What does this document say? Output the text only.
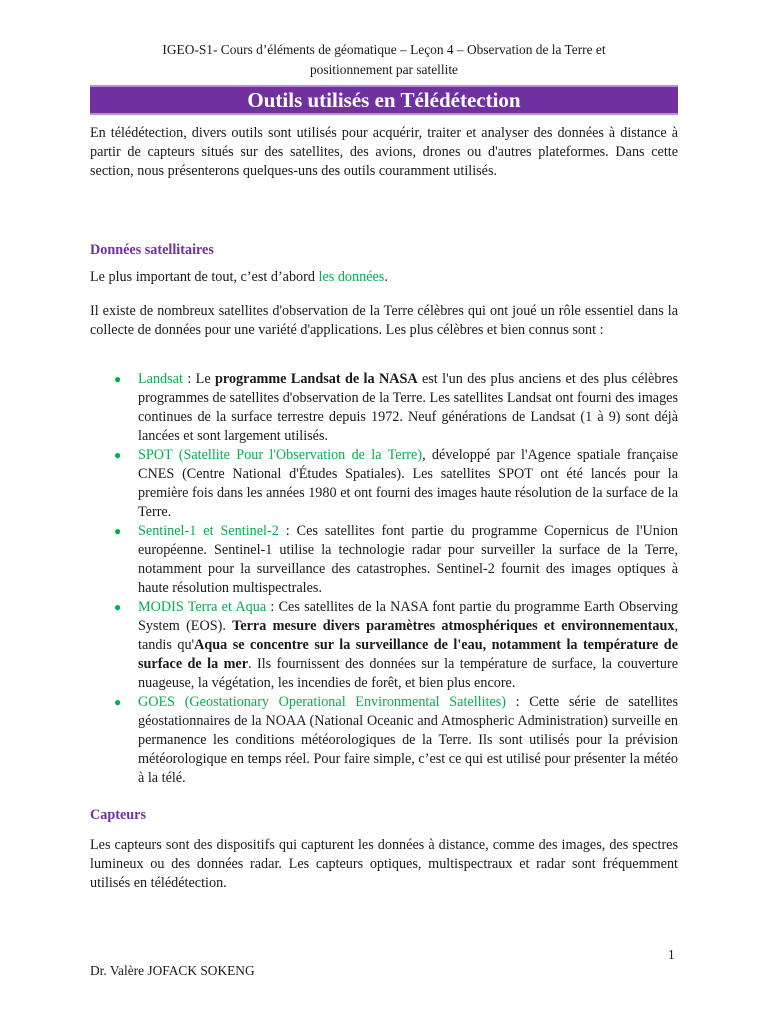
IGEO-S1- Cours d’éléments de géomatique – Leçon 4 – Observation de la Terre et
positionnement par satellite
Outils utilisés en Télédétection
En télédétection, divers outils sont utilisés pour acquérir, traiter et analyser des données à distance à partir de capteurs situés sur des satellites, des avions, drones ou d'autres plateformes. Dans cette section, nous présenterons quelques-uns des outils couramment utilisés.
Données satellitaires
Le plus important de tout, c’est d’abord les données.
Il existe de nombreux satellites d'observation de la Terre célèbres qui ont joué un rôle essentiel dans la collecte de données pour une variété d'applications. Les plus célèbres et bien connus sont :
● Landsat : Le programme Landsat de la NASA est l'un des plus anciens et des plus célèbres programmes de satellites d'observation de la Terre. Les satellites Landsat ont fourni des images continues de la surface terrestre depuis 1972. Neuf générations de Landsat (1 à 9) sont déjà lancées et sont largement utilisés.
● SPOT (Satellite Pour l'Observation de la Terre), développé par l'Agence spatiale française CNES (Centre National d'Études Spatiales). Les satellites SPOT ont été lancés pour la première fois dans les années 1980 et ont fourni des images haute résolution de la surface de la Terre.
● Sentinel-1 et Sentinel-2 : Ces satellites font partie du programme Copernicus de l'Union européenne. Sentinel-1 utilise la technologie radar pour surveiller la surface de la Terre, notamment pour la surveillance des catastrophes. Sentinel-2 fournit des images optiques à haute résolution multispectrales.
● MODIS Terra et Aqua : Ces satellites de la NASA font partie du programme Earth Observing System (EOS). Terra mesure divers paramètres atmosphériques et environnementaux, tandis qu'Aqua se concentre sur la surveillance de l'eau, notamment la température de surface de la mer. Ils fournissent des données sur la température de surface, la couverture nuageuse, la végétation, les incendies de forêt, et bien plus encore.
● GOES (Geostationary Operational Environmental Satellites) : Cette série de satellites géostationnaires de la NOAA (National Oceanic and Atmospheric Administration) surveille en permanence les conditions météorologiques de la Terre. Ils sont utilisés pour la prévision météorologique en temps réel. Pour faire simple, c’est ce qui est utilisé pour présenter la météo à la télé.
Capteurs
Les capteurs sont des dispositifs qui capturent les données à distance, comme des images, des spectres lumineux ou des données radar. Les capteurs optiques, multispectraux et radar sont fréquemment utilisés en télédétection.
1
Dr. Valère JOFACK SOKENG
